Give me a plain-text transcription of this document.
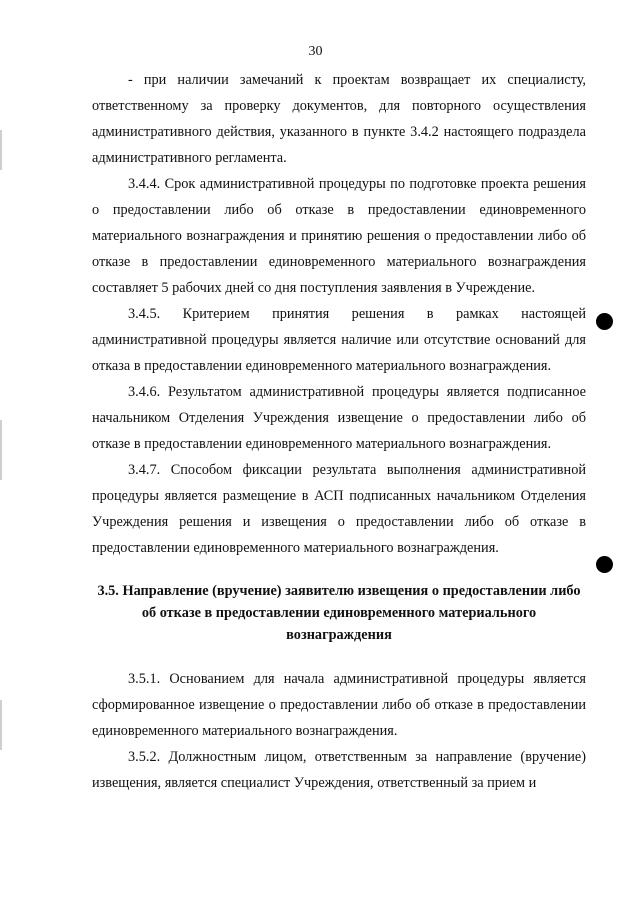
30

- при наличии замечаний к проектам возвращает их специалисту, ответственному за проверку документов, для повторного осуществления административного действия, указанного в пункте 3.4.2 настоящего подраздела административного регламента.

3.4.4. Срок административной процедуры по подготовке проекта решения о предоставлении либо об отказе в предоставлении единовременного материального вознаграждения и принятию решения о предоставлении либо об отказе в предоставлении единовременного материального вознаграждения составляет 5 рабочих дней со дня поступления заявления в Учреждение.

3.4.5. Критерием принятия решения в рамках настоящей административной процедуры является наличие или отсутствие оснований для отказа в предоставлении единовременного материального вознаграждения.

3.4.6. Результатом административной процедуры является подписанное начальником Отделения Учреждения извещение о предоставлении либо об отказе в предоставлении единовременного материального вознаграждения.

3.4.7. Способом фиксации результата выполнения административной процедуры является размещение в АСП подписанных начальником Отделения Учреждения решения и извещения о предоставлении либо об отказе в предоставлении единовременного материального вознаграждения.

3.5. Направление (вручение) заявителю извещения о предоставлении либо об отказе в предоставлении единовременного материального вознаграждения

3.5.1. Основанием для начала административной процедуры является сформированное извещение о предоставлении либо об отказе в предоставлении единовременного материального вознаграждения.

3.5.2. Должностным лицом, ответственным за направление (вручение) извещения, является специалист Учреждения, ответственный за прием и
